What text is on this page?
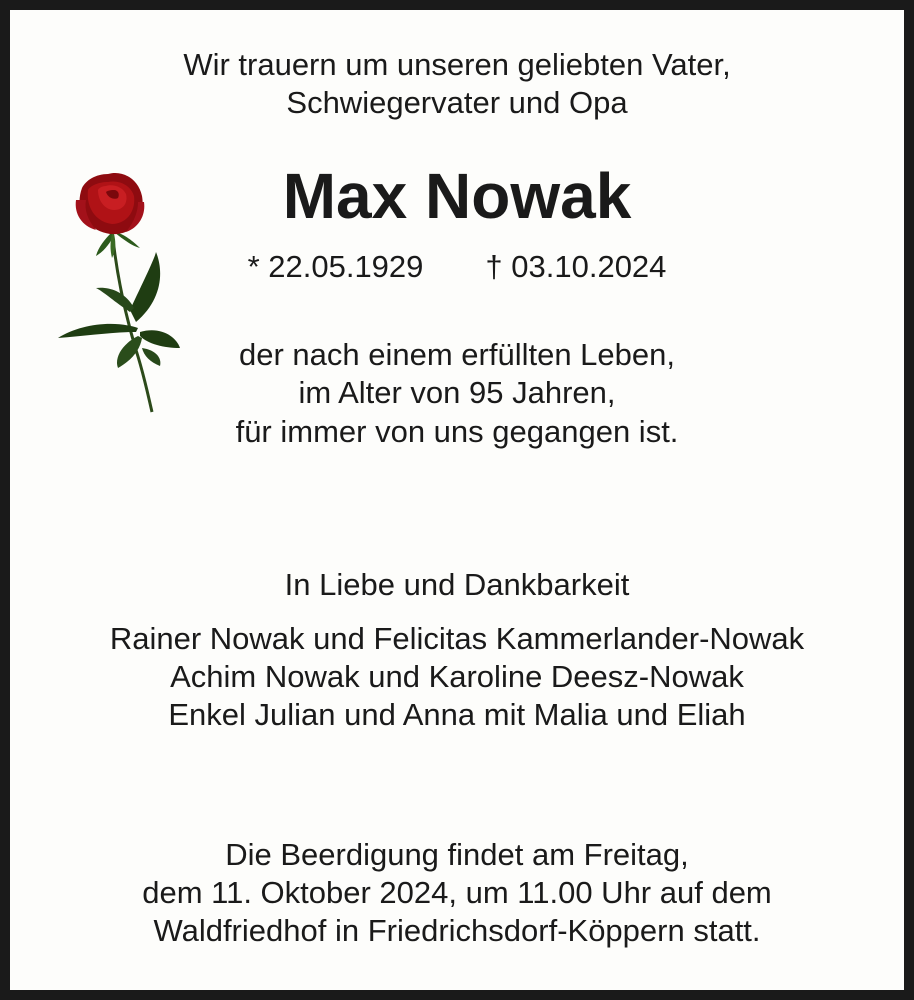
Wir trauern um unseren geliebten Vater,
Schwiegervater und Opa
Max Nowak
* 22.05.1929 † 03.10.2024
der nach einem erfüllten Leben,
im Alter von 95 Jahren,
für immer von uns gegangen ist.
In Liebe und Dankbarkeit
Rainer Nowak und Felicitas Kammerlander-Nowak
Achim Nowak und Karoline Deesz-Nowak
Enkel Julian und Anna mit Malia und Eliah
Die Beerdigung findet am Freitag,
dem 11. Oktober 2024, um 11.00 Uhr auf dem
Waldfriedhof in Friedrichsdorf-Köppern statt.
